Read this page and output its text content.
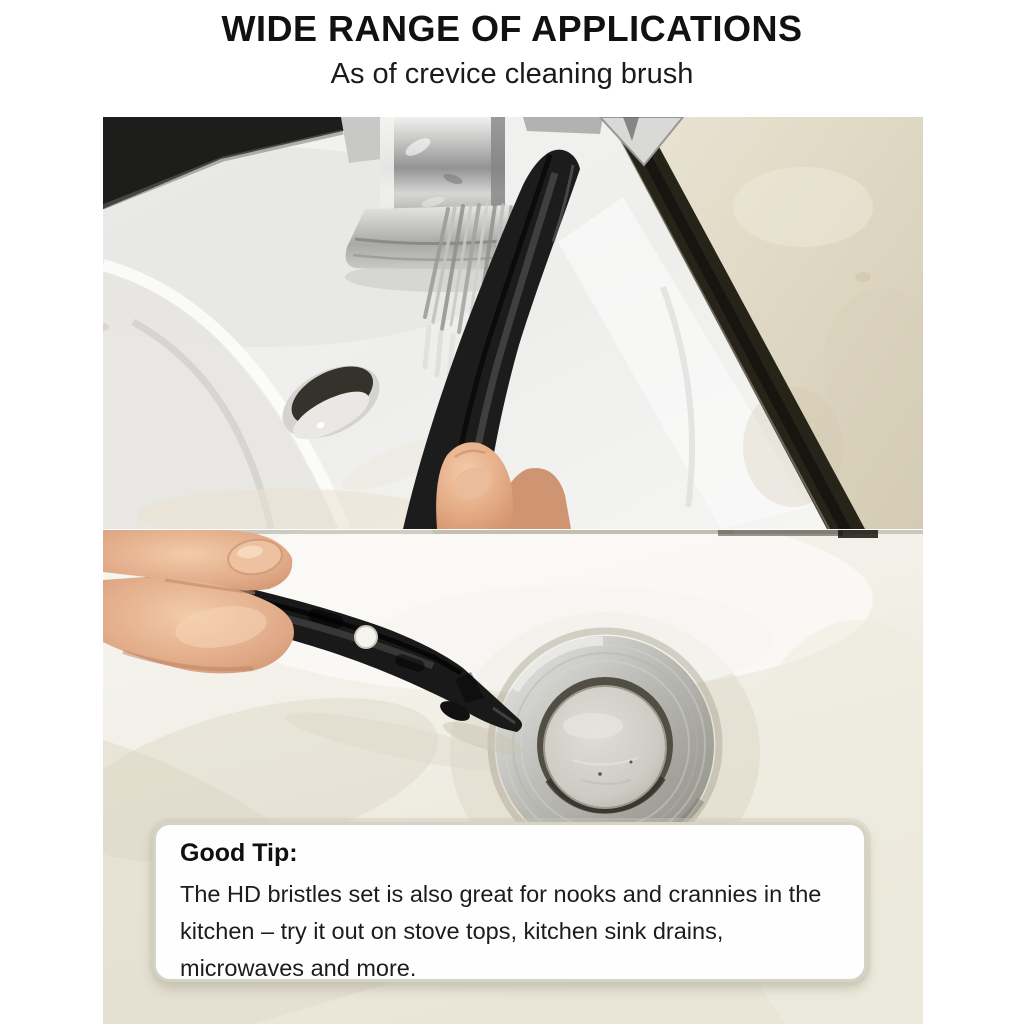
WIDE RANGE OF APPLICATIONS
As of crevice cleaning brush
Good Tip:
The HD bristles set is also great for nooks and crannies in the
kitchen – try it out on stove tops, kitchen sink drains,
microwaves and more.
